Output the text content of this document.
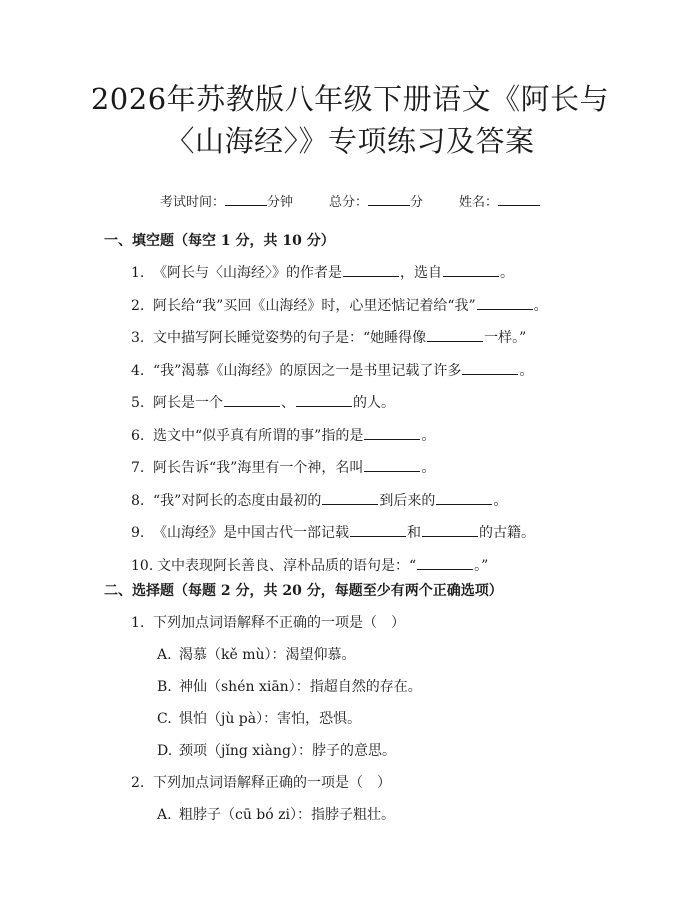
2026年苏教版八年级下册语文《阿长与〈山海经〉》专项练习及答案
考试时间：	分钟	总分：	分	姓名：
一、填空题（每空 1 分，共 10 分）
1. 《阿长与〈山海经〉》的作者是	，选自	。
2. 阿长给“我”买回《山海经》时，心里还惦记着给“我”	。
3. 文中描写阿长睡觉姿势的句子是：“她睡得像	一样。”
4. “我”渴慕《山海经》的原因之一是书里记载了许多	。
5. 阿长是一个	、	的人。
6. 选文中“似乎真有所谓的事”指的是	。
7. 阿长告诉“我”海里有一个神，名叫	。
8. “我”对阿长的态度由最初的	到后来的	。
9. 《山海经》是中国古代一部记载	和	的古籍。
10. 文中表现阿长善良、淳朴品质的语句是：“	。”
二、选择题（每题 2 分，共 20 分，每题至少有两个正确选项）
1. 下列加点词语解释不正确的一项是（　）
A. 渴慕（kě mù）：渴望仰慕。
B. 神仙（shén xiān）：指超自然的存在。
C. 惧怕（jù pà）：害怕，恐惧。
D. 颈项（jǐng xiàng）：脖子的意思。
2. 下列加点词语解释正确的一项是（　）
A. 粗脖子（cū bó zi）：指脖子粗壮。
